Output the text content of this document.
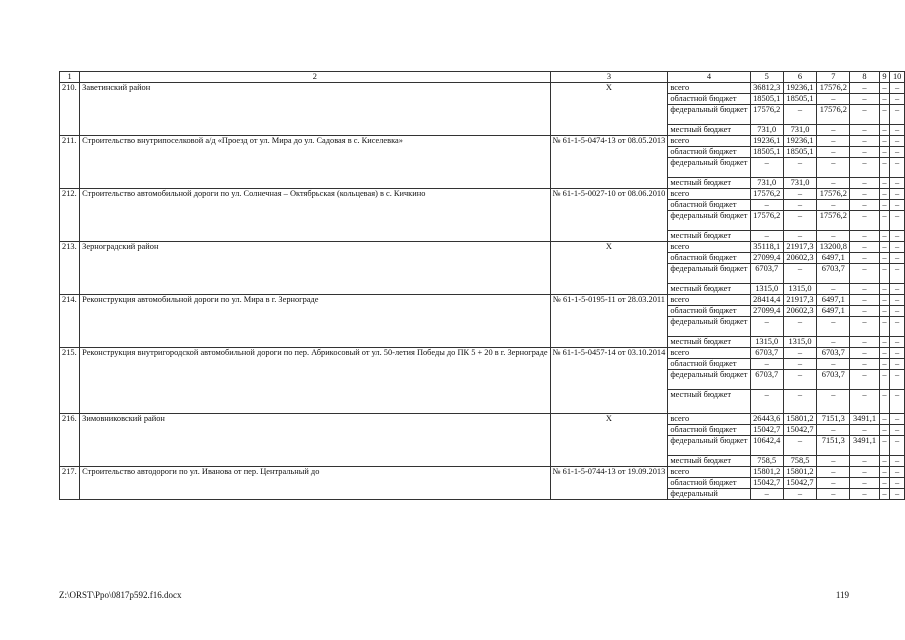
1	2	3	4	5	6	7	8	9	10
210.	Заветинский район	Х	всего	36812,3	19236,1	17576,2	–	–	–
			областной бюджет	18505,1	18505,1	–	–	–	–
			федеральный бюджет	17576,2	–	17576,2	–	–	–
			местный бюджет	731,0	731,0	–	–	–	–
211.	Строительство внутрипоселковой а/д «Проезд от ул. Мира до ул. Садовая в с. Киселевка»	№ 61-1-5-0474-13 от 08.05.2013	всего	19236,1	19236,1	–	–	–	–
			областной бюджет	18505,1	18505,1	–	–	–	–
			федеральный бюджет	–	–	–	–	–	–
			местный бюджет	731,0	731,0	–	–	–	–
212.	Строительство автомобильной дороги по ул. Солнечная – Октябрьская (кольцевая) в с. Кичкино	№ 61-1-5-0027-10 от 08.06.2010	всего	17576,2	–	17576,2	–	–	–
			областной бюджет	–	–	–	–	–	–
			федеральный бюджет	17576,2	–	17576,2	–	–	–
			местный бюджет	–	–	–	–	–	–
213.	Зерноградский район	Х	всего	35118,1	21917,3	13200,8	–	–	–
			областной бюджет	27099,4	20602,3	6497,1	–	–	–
			федеральный бюджет	6703,7	–	6703,7	–	–	–
			местный бюджет	1315,0	1315,0	–	–	–	–
214.	Реконструкция автомобильной дороги по ул. Мира в г. Зернограде	№ 61-1-5-0195-11 от 28.03.2011	всего	28414,4	21917,3	6497,1	–	–	–
			областной бюджет	27099,4	20602,3	6497,1	–	–	–
			федеральный бюджет	–	–	–	–	–	–
			местный бюджет	1315,0	1315,0	–	–	–	–
215.	Реконструкция внутригородской автомобильной дороги по пер. Абрикосовый от ул. 50-летия Победы до ПК 5 + 20 в г. Зернограде	№ 61-1-5-0457-14 от 03.10.2014	всего	6703,7	–	6703,7	–	–	–
			областной бюджет	–	–	–	–	–	–
			федеральный бюджет	6703,7	–	6703,7	–	–	–
			местный бюджет	–	–	–	–	–	–
216.	Зимовниковский район	Х	всего	26443,6	15801,2	7151,3	3491,1	–	–
			областной бюджет	15042,7	15042,7	–	–	–	–
			федеральный бюджет	10642,4	–	7151,3	3491,1	–	–
			местный бюджет	758,5	758,5	–	–	–	–
217.	Строительство автодороги по ул. Иванова от пер. Центральный до	№ 61-1-5-0744-13 от 19.09.2013	всего	15801,2	15801,2	–	–	–	–
			областной бюджет	15042,7	15042,7	–	–	–	–
			федеральный	–	–	–	–	–	–
Z:\ORST\Ppo\0817p592.f16.docx	119
